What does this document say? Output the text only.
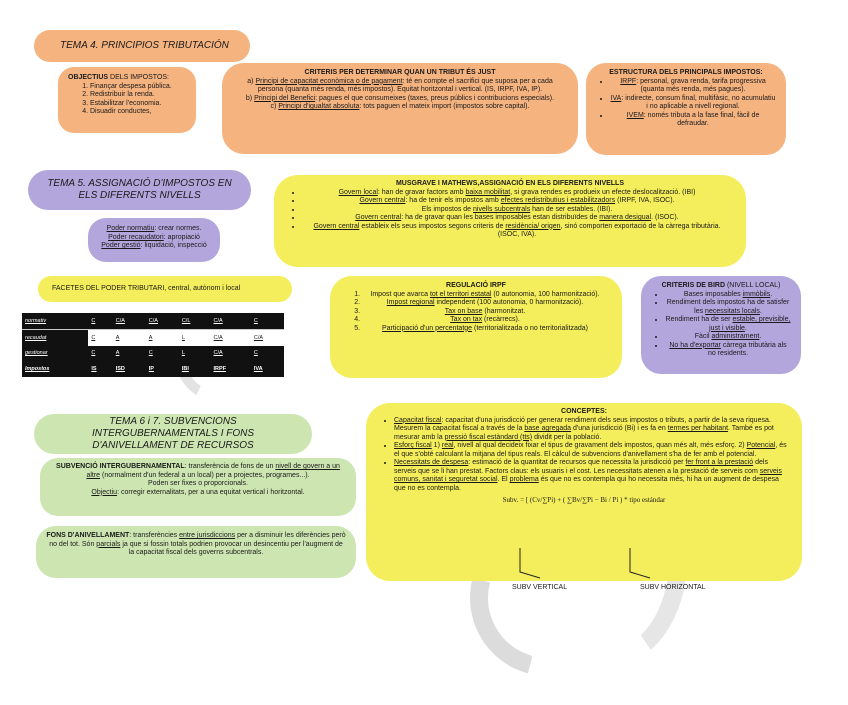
TEMA 4. PRINCIPIOS TRIBUTACIÓN

OBJECTIUS DELS IMPOSTOS:

1. Finançar despesa pública.
2. Redistribuir la renda.
3. Estabilitzar l'economia.
4. Disuadir conductes,

CRITERIS PER DETERMINAR QUAN UN TRIBUT ÉS JUST

a) Principi de capacitat econòmica o de pagament: té en compte el sacrifici que suposa per a cada persona (quanta més renda, més impostos). Equitat horitzontal i vertical. (IS, IRPF, IVA, IP).

b) Principi del Benefici: pagues el que consumeixes (taxes, preus públics i contribucions especials).

c) Principi d'igualtat absoluta: tots paguen el mateix import (impostos sobre capital).

ESTRUCTURA DELS PRINCIPALS IMPOSTOS:

• IRPF: personal, grava renda, tarifa progressiva (quanta més renda, més pagues).
• IVA: indirecte, consum final, multifàsic, no acumulatiu i no aplicable a nivell regional.
• IVEM: només tributa a la fase final, fàcil de defraudar.
TEMA 5. ASSIGNACIÓ D'IMPOSTOS EN ELS DIFERENTS NIVELLS

Poder normatiu: crear normes.

Poder recaudatori: apropiació

Poder gestió: liquidació, inspecció

MUSGRAVE I MATHEWS,ASSIGNACIÓ EN ELS DIFERENTS NIVELLS

• Govern local: han de gravar factors amb baixa mobilitat, si grava rendes es produeix un efecte deslocalització. (IBI)
• Govern central: ha de tenir els impostos amb efectes redistributius i estabilitzadors (IRPF, IVA, ISOC).
• Els impostos de nivells subcentrals han de ser estables. (IBI).
• Govern central: ha de gravar quan les bases imposables estan distribuïdes de manera desigual. (ISOC).
• Govern central estableix els seus impostos segons criteris de residència/ origen, sinó comporten exportació de la càrrega tributària. (ISOC, IVA).
FACETES DEL PODER TRIBUTARI, central, autònom i local
normativ	C	C/A	C/A	C/L	C/A	C
recaudat	C	A	A	L	C/A	C/A
gestionar	C	A	C	L	C/A	C
Impostos	IS	ISD	IP	IBI	IRPF	IVA

REGULACIÓ IRPF

1. Impost que avarca tot el territori estatal (0 autonomia, 100 harmonització).
2. Impost regional independent (100 autonomia, 0 harmonització).
3. Tax on base (harmonitzat.
4. Tax on tax (recàrrecs).
5. Participació d'un percentatge (territorialitzada o no territorialitzada)

CRITERIS DE BIRD (NIVELL LOCAL)

• Bases imposables immòbils.
• Rendiment dels impostos ha de satisfer les necessitats locals.
• Rendiment ha de ser estable, previsible, just i visible.
• Fàcil administrament.
• No ha d'exportar càrrega tributària als no residents.
TEMA 6 i 7. SUBVENCIONS INTERGUBERNAMENTALS I FONS D'ANIVELLAMENT DE RECURSOS

SUBVENCIÓ INTERGUBERNAMENTAL: transferència de fons de un nivell de govern a un altre (normalment d'un federal a un local) per a projectes, programes...).

Poden ser fixes o proporcionals.

Objectiu: corregir externalitats, per a una equitat vertical i horitzontal.

FONS D'ANIVELLAMENT: transferències entre jurisdiccions per a disminuir les diferències però no del tot. Són parcials ja que si fossin totals podrien provocar un desincentiu per l'augment de la capacitat fiscal dels governs subcentrals.

CONCEPTES:

• Capacitat fiscal: capacitat d'una jurisdicció per generar rendiment dels seus impostos o tributs, a partir de la seva riquesa. Mesurem la capacitat fiscal a través de la base agregada d'una jurisdicció (Bi) i es fa en termes per habitant. També es pot mesurar amb la pressió fiscal estàndard (tts) dividit per la població.
• Esforç fiscal 1) real, nivell al qual decideix fixar el tipus de gravament dels impostos, quan més alt, més esforç. 2) Potencial, és el que s'obté calculant la mitjana del tipus reals. El càlcul de subvencions d'anivellament s'ha de fer amb el potencial.
• Necessitats de despesa: estimació de la quantitat de recursos que necessita la jurisdicció per fer front a la prestació dels serveis que se li han prestat. Factors claus: els usuaris i el cost. Les necessitats atenen a la prestació de serveis com serveis comuns, sanitat i seguretat social. El problema és que no es contempla qui ho necessita més, hi ha un augment de despesa que no es contempla.

Subv. = [ (Cv/∑Pi) + ( ∑Bv/∑Pi − Bi / Pi ) * tipo estándar

SUBV VERTICAL	SUBV HORIZONTAL
